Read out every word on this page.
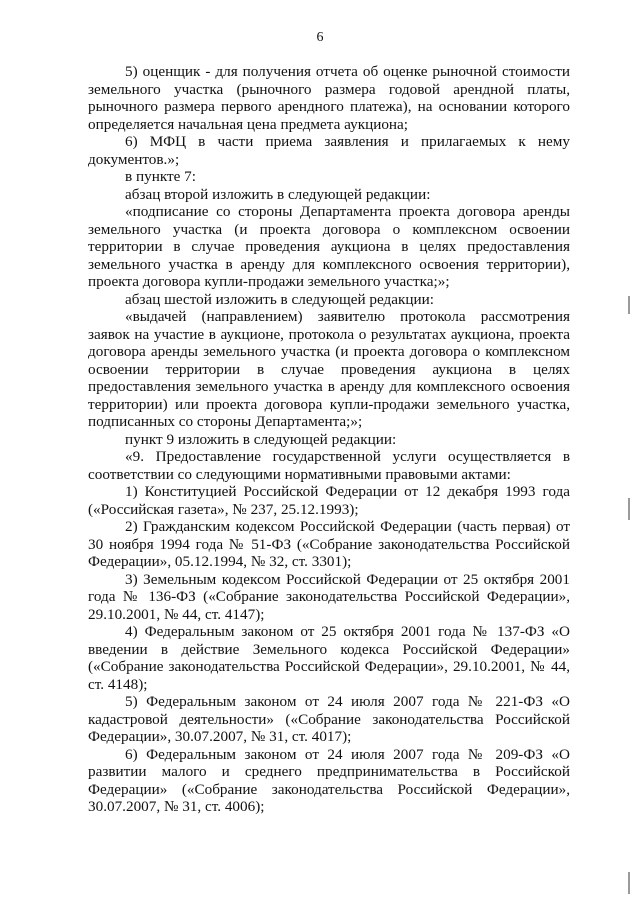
6

5) оценщик - для получения отчета об оценке рыночной стоимости земельного участка (рыночного размера годовой арендной платы, рыночного размера первого арендного платежа), на основании которого определяется начальная цена предмета аукциона;

6) МФЦ в части приема заявления и прилагаемых к нему документов.»;

в пункте 7:

абзац второй изложить в следующей редакции:

«подписание со стороны Департамента проекта договора аренды земельного участка (и проекта договора о комплексном освоении территории в случае проведения аукциона в целях предоставления земельного участка в аренду для комплексного освоения территории), проекта договора купли-продажи земельного участка;»;

абзац шестой изложить в следующей редакции:

«выдачей (направлением) заявителю протокола рассмотрения заявок на участие в аукционе, протокола о результатах аукциона, проекта договора аренды земельного участка (и проекта договора о комплексном освоении территории в случае проведения аукциона в целях предоставления земельного участка в аренду для комплексного освоения территории) или проекта договора купли-продажи земельного участка, подписанных со стороны Департамента;»;

пункт 9 изложить в следующей редакции:

«9. Предоставление государственной услуги осуществляется в соответствии со следующими нормативными правовыми актами:

1) Конституцией Российской Федерации от 12 декабря 1993 года («Российская газета», № 237, 25.12.1993);

2) Гражданским кодексом Российской Федерации (часть первая) от 30 ноября 1994 года № 51-ФЗ («Собрание законодательства Российской Федерации», 05.12.1994, № 32, ст. 3301);

3) Земельным кодексом Российской Федерации от 25 октября 2001 года № 136-ФЗ («Собрание законодательства Российской Федерации», 29.10.2001, № 44, ст. 4147);

4) Федеральным законом от 25 октября 2001 года № 137-ФЗ «О введении в действие Земельного кодекса Российской Федерации» («Собрание законодательства Российской Федерации», 29.10.2001, № 44, ст. 4148);

5) Федеральным законом от 24 июля 2007 года № 221-ФЗ «О кадастровой деятельности» («Собрание законодательства Российской Федерации», 30.07.2007, № 31, ст. 4017);

6) Федеральным законом от 24 июля 2007 года № 209-ФЗ «О развитии малого и среднего предпринимательства в Российской Федерации» («Собрание законодательства Российской Федерации», 30.07.2007, № 31, ст. 4006);
